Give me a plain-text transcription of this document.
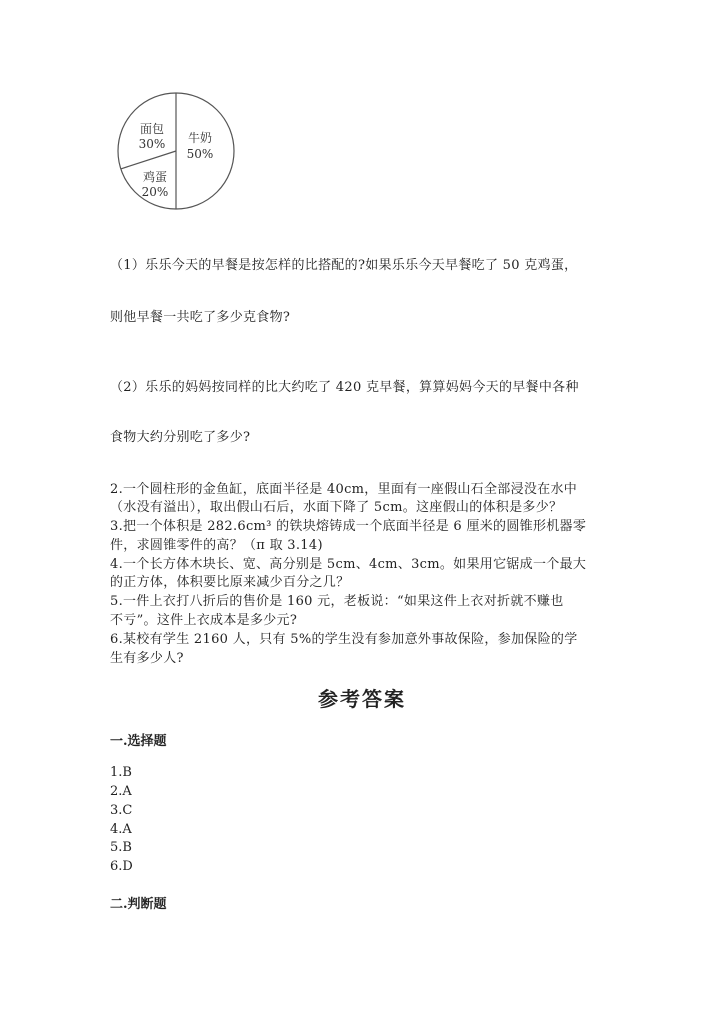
牛奶
50%
面包
30%
鸡蛋
20%
（1）乐乐今天的早餐是按怎样的比搭配的?如果乐乐今天早餐吃了 50 克鸡蛋，
则他早餐一共吃了多少克食物?
（2）乐乐的妈妈按同样的比大约吃了 420 克早餐，算算妈妈今天的早餐中各种
食物大约分别吃了多少?
2.一个圆柱形的金鱼缸，底面半径是 40cm，里面有一座假山石全部浸没在水中
（水没有溢出），取出假山石后，水面下降了 5cm。这座假山的体积是多少？
3.把一个体积是 282.6cm³ 的铁块熔铸成一个底面半径是 6 厘米的圆锥形机器零
件，求圆锥零件的高？（π 取 3.14)
4.一个长方体木块长、宽、高分别是 5cm、4cm、3cm。如果用它锯成一个最大
的正方体，体积要比原来减少百分之几？
5.一件上衣打八折后的售价是 160 元，老板说：“如果这件上衣对折就不赚也
不亏”。这件上衣成本是多少元?
6.某校有学生 2160 人，只有 5%的学生没有参加意外事故保险，参加保险的学
生有多少人?
参考答案
一.选择题
1.B
2.A
3.C
4.A
5.B
6.D
二.判断题
